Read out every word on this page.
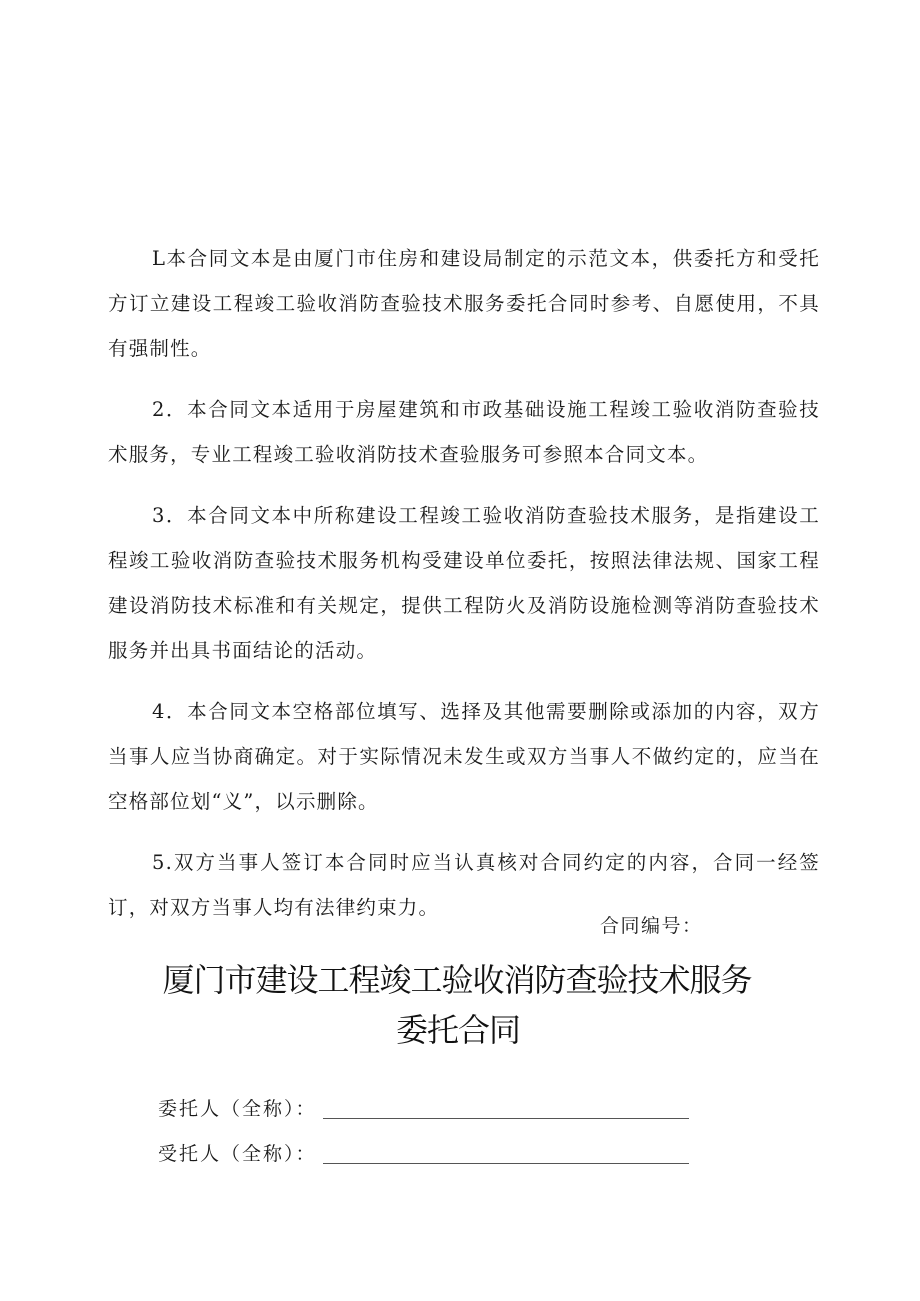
L本合同文本是由厦门市住房和建设局制定的示范文本，供委托方和受托方订立建设工程竣工验收消防查验技术服务委托合同时参考、自愿使用，不具有强制性。

2．本合同文本适用于房屋建筑和市政基础设施工程竣工验收消防查验技术服务，专业工程竣工验收消防技术查验服务可参照本合同文本。

3．本合同文本中所称建设工程竣工验收消防查验技术服务，是指建设工程竣工验收消防查验技术服务机构受建设单位委托，按照法律法规、国家工程建设消防技术标准和有关规定，提供工程防火及消防设施检测等消防查验技术服务并出具书面结论的活动。

4．本合同文本空格部位填写、选择及其他需要删除或添加的内容，双方当事人应当协商确定。对于实际情况未发生或双方当事人不做约定的，应当在空格部位划“义”，以示删除。

5.双方当事人签订本合同时应当认真核对合同约定的内容，合同一经签订，对双方当事人均有法律约束力。

合同编号：
厦门市建设工程竣工验收消防查验技术服务
委托合同
委托人（全称）：
受托人（全称）：
